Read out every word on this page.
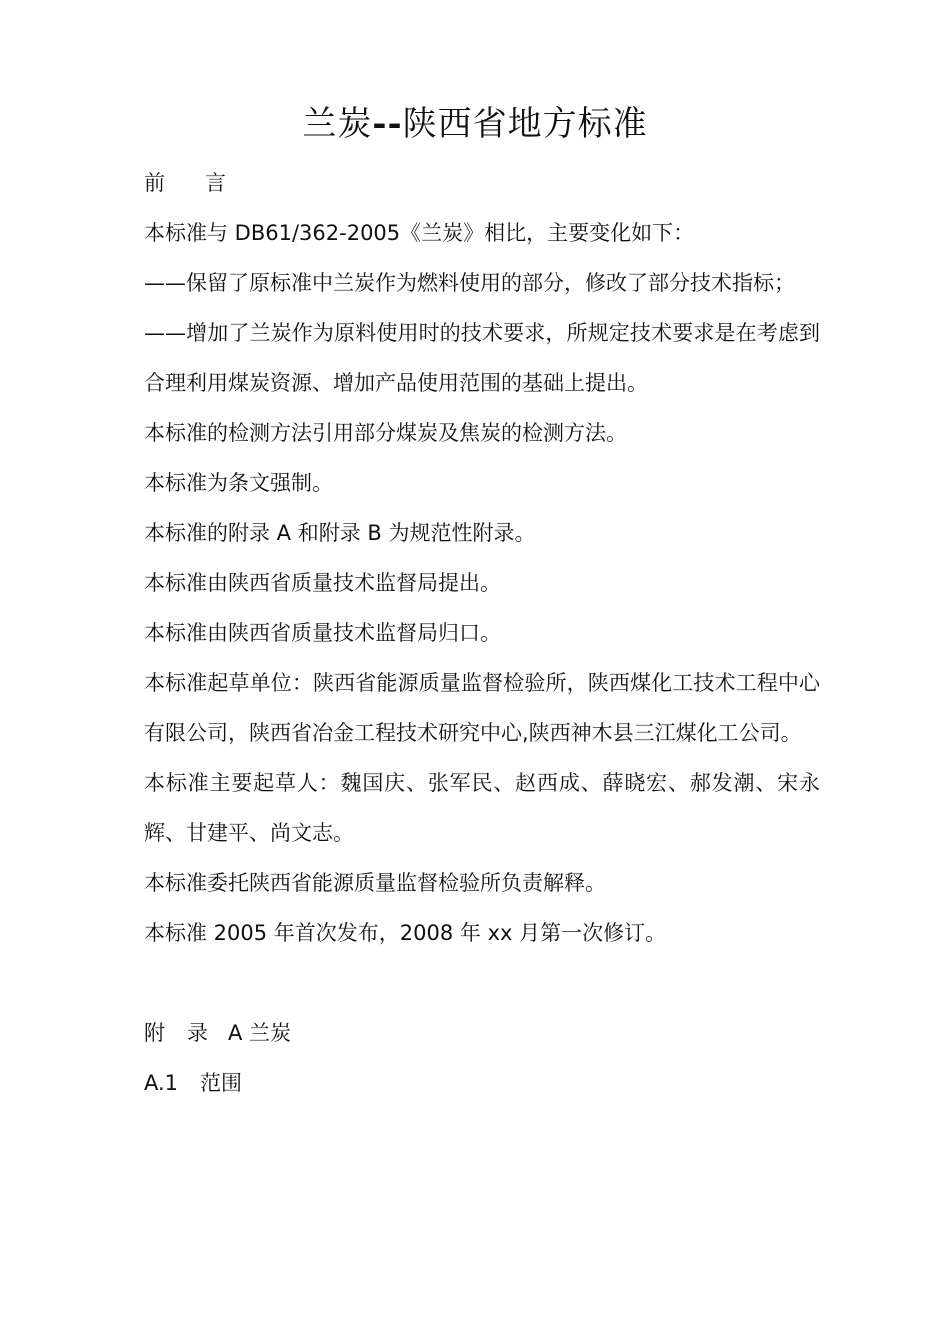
兰炭--陕西省地方标准

前 言

本标准与 DB61/362-2005《兰炭》相比，主要变化如下：

——保留了原标准中兰炭作为燃料使用的部分，修改了部分技术指标；

——增加了兰炭作为原料使用时的技术要求，所规定技术要求是在考虑到合理利用煤炭资源、增加产品使用范围的基础上提出。

本标准的检测方法引用部分煤炭及焦炭的检测方法。

本标准为条文强制。

本标准的附录 A 和附录 B 为规范性附录。

本标准由陕西省质量技术监督局提出。

本标准由陕西省质量技术监督局归口。

本标准起草单位：陕西省能源质量监督检验所，陕西煤化工技术工程中心有限公司，陕西省冶金工程技术研究中心,陕西神木县三江煤化工公司。

本标准主要起草人：魏国庆、张军民、赵西成、薛晓宏、郝发潮、宋永辉、甘建平、尚文志。

本标准委托陕西省能源质量监督检验所负责解释。

本标准 2005 年首次发布，2008 年 xx 月第一次修订。

附 录 A 兰炭

A.1 范围
